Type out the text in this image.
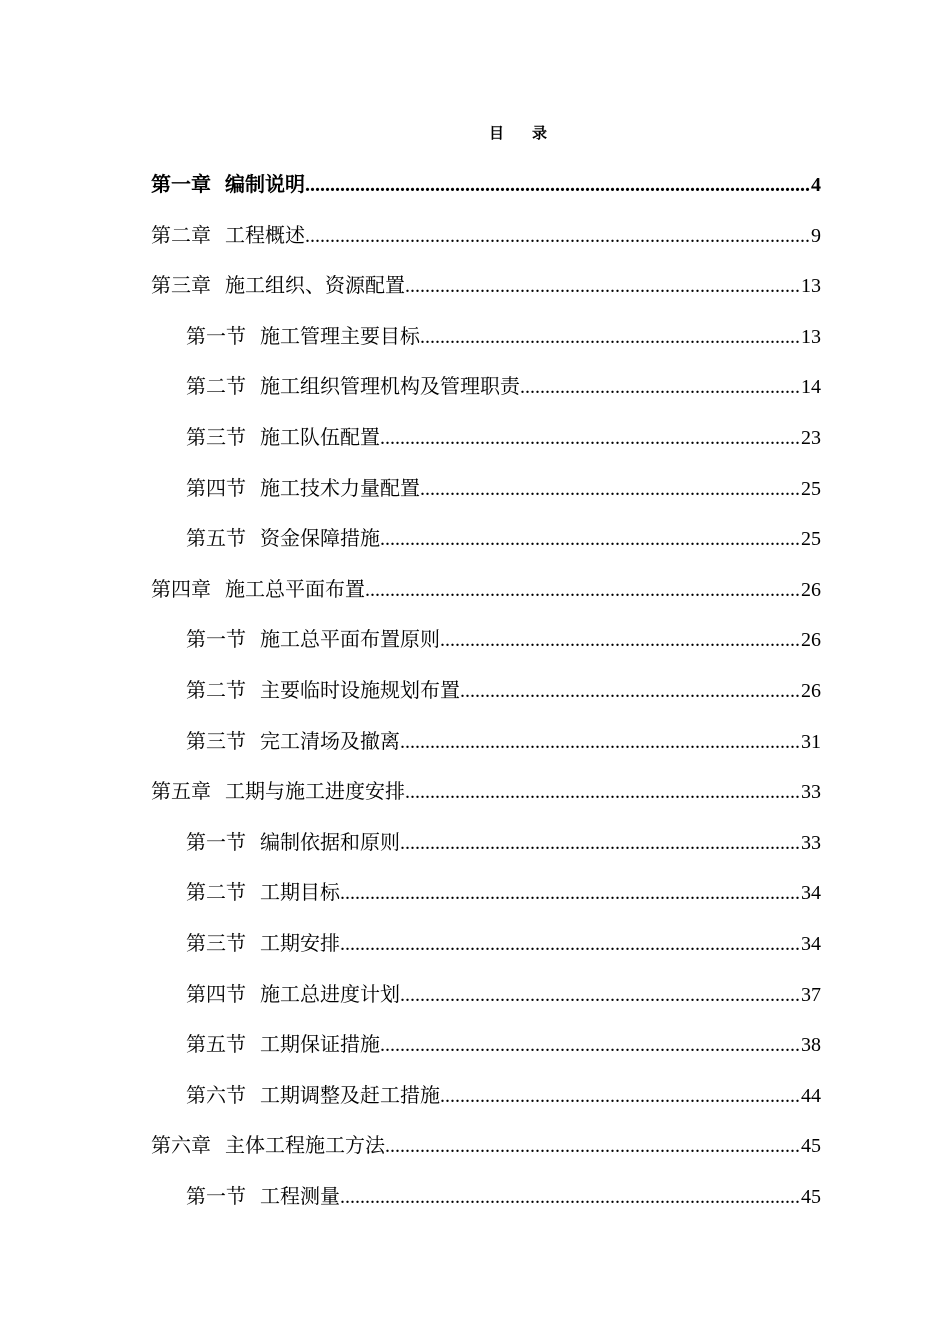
目 录
第一章 编制说明 .....	4
第二章 工程概述 .....	9
第三章 施工组织、资源配置 .....	13
第一节 施工管理主要目标 .....	13
第二节 施工组织管理机构及管理职责 .....	14
第三节 施工队伍配置 .....	23
第四节 施工技术力量配置 .....	25
第五节 资金保障措施 .....	25
第四章 施工总平面布置 .....	26
第一节 施工总平面布置原则 .....	26
第二节 主要临时设施规划布置 .....	26
第三节 完工清场及撤离 .....	31
第五章 工期与施工进度安排 .....	33
第一节 编制依据和原则 .....	33
第二节 工期目标 .....	34
第三节 工期安排 .....	34
第四节 施工总进度计划 .....	37
第五节 工期保证措施 .....	38
第六节 工期调整及赶工措施 .....	44
第六章 主体工程施工方法 .....	45
第一节 工程测量 .....	45
